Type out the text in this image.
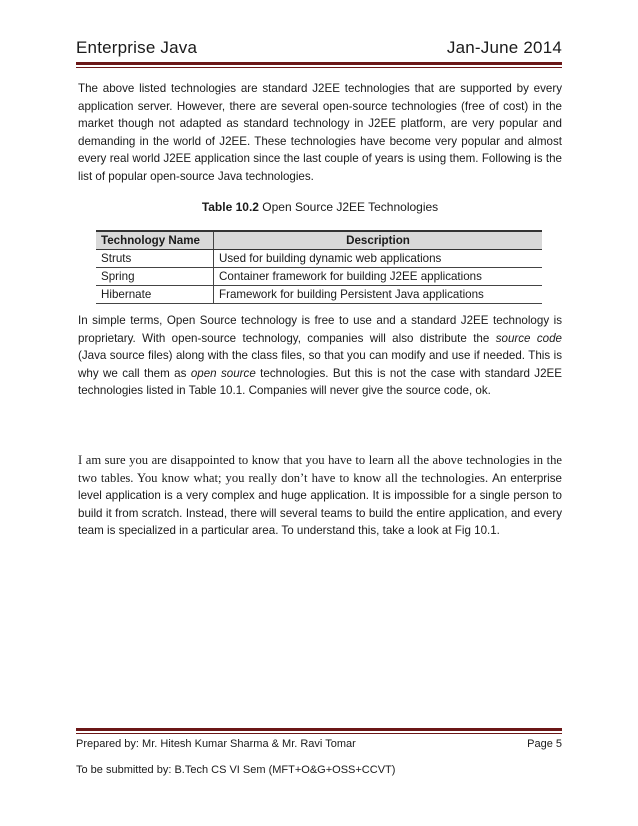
Enterprise Java	Jan-June 2014

The above listed technologies are standard J2EE technologies that are supported by every application server. However, there are several open-source technologies (free of cost) in the market though not adapted as standard technology in J2EE platform, are very popular and demanding in the world of J2EE. These technologies have become very popular and almost every real world J2EE application since the last couple of years is using them. Following is the list of popular open-source Java technologies.

Table 10.2 Open Source J2EE Technologies

Technology Name	Description
Struts	Used for building dynamic web applications
Spring	Container framework for building J2EE applications
Hibernate	Framework for building Persistent Java applications

In simple terms, Open Source technology is free to use and a standard J2EE technology is proprietary. With open-source technology, companies will also distribute the source code (Java source files) along with the class files, so that you can modify and use if needed. This is why we call them as open source technologies. But this is not the case with standard J2EE technologies listed in Table 10.1. Companies will never give the source code, ok.

I am sure you are disappointed to know that you have to learn all the above technologies in the two tables. You know what; you really don’t have to know all the technologies. An enterprise level application is a very complex and huge application. It is impossible for a single person to build it from scratch. Instead, there will several teams to build the entire application, and every team is specialized in a particular area. To understand this, take a look at Fig 10.1.

Prepared by: Mr. Hitesh Kumar Sharma & Mr. Ravi Tomar	Page 5
To be submitted by: B.Tech CS VI Sem (MFT+O&G+OSS+CCVT)
